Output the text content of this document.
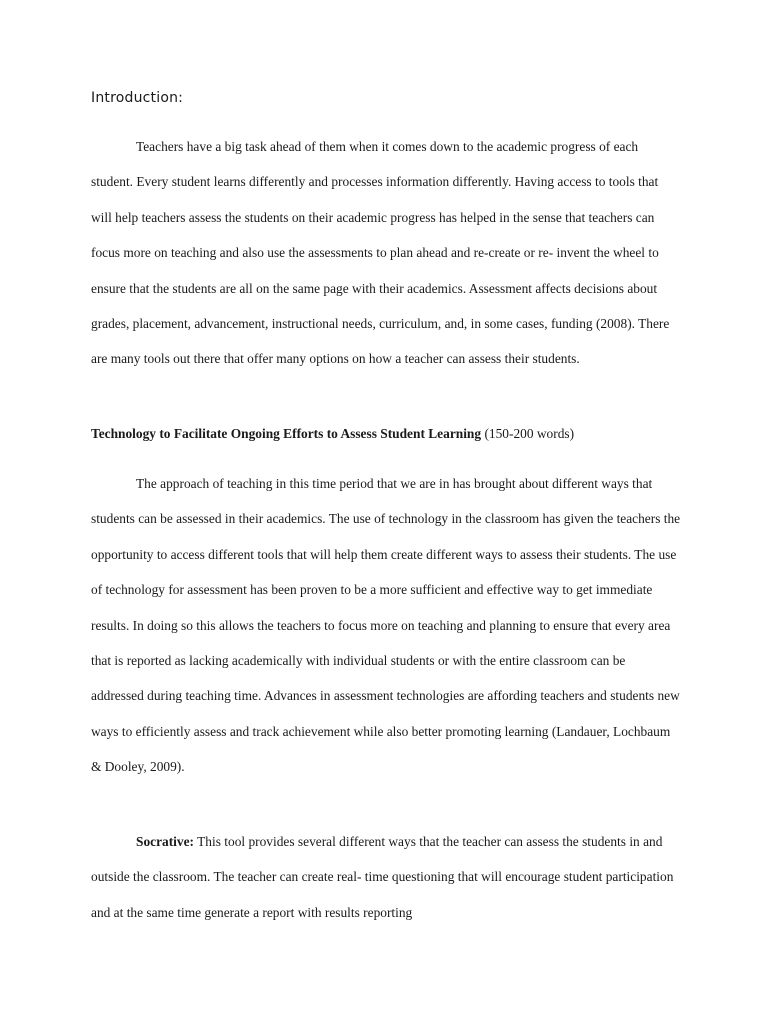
Introduction:
Teachers have a big task ahead of them when it comes down to the academic progress of each student. Every student learns differently and processes information differently. Having access to tools that will help teachers assess the students on their academic progress has helped in the sense that teachers can focus more on teaching and also use the assessments to plan ahead and re-create or re- invent the wheel to ensure that the students are all on the same page with their academics. Assessment affects decisions about grades, placement, advancement, instructional needs, curriculum, and, in some cases, funding (2008). There are many tools out there that offer many options on how a teacher can assess their students.
Technology to Facilitate Ongoing Efforts to Assess Student Learning (150-200 words)
The approach of teaching in this time period that we are in has brought about different ways that students can be assessed in their academics. The use of technology in the classroom has given the teachers the opportunity to access different tools that will help them create different ways to assess their students. The use of technology for assessment has been proven to be a more sufficient and effective way to get immediate results. In doing so this allows the teachers to focus more on teaching and planning to ensure that every area that is reported as lacking academically with individual students or with the entire classroom can be addressed during teaching time. Advances in assessment technologies are affording teachers and students new ways to efficiently assess and track achievement while also better promoting learning (Landauer, Lochbaum & Dooley, 2009).
Socrative: This tool provides several different ways that the teacher can assess the students in and outside the classroom. The teacher can create real- time questioning that will encourage student participation and at the same time generate a report with results reporting
